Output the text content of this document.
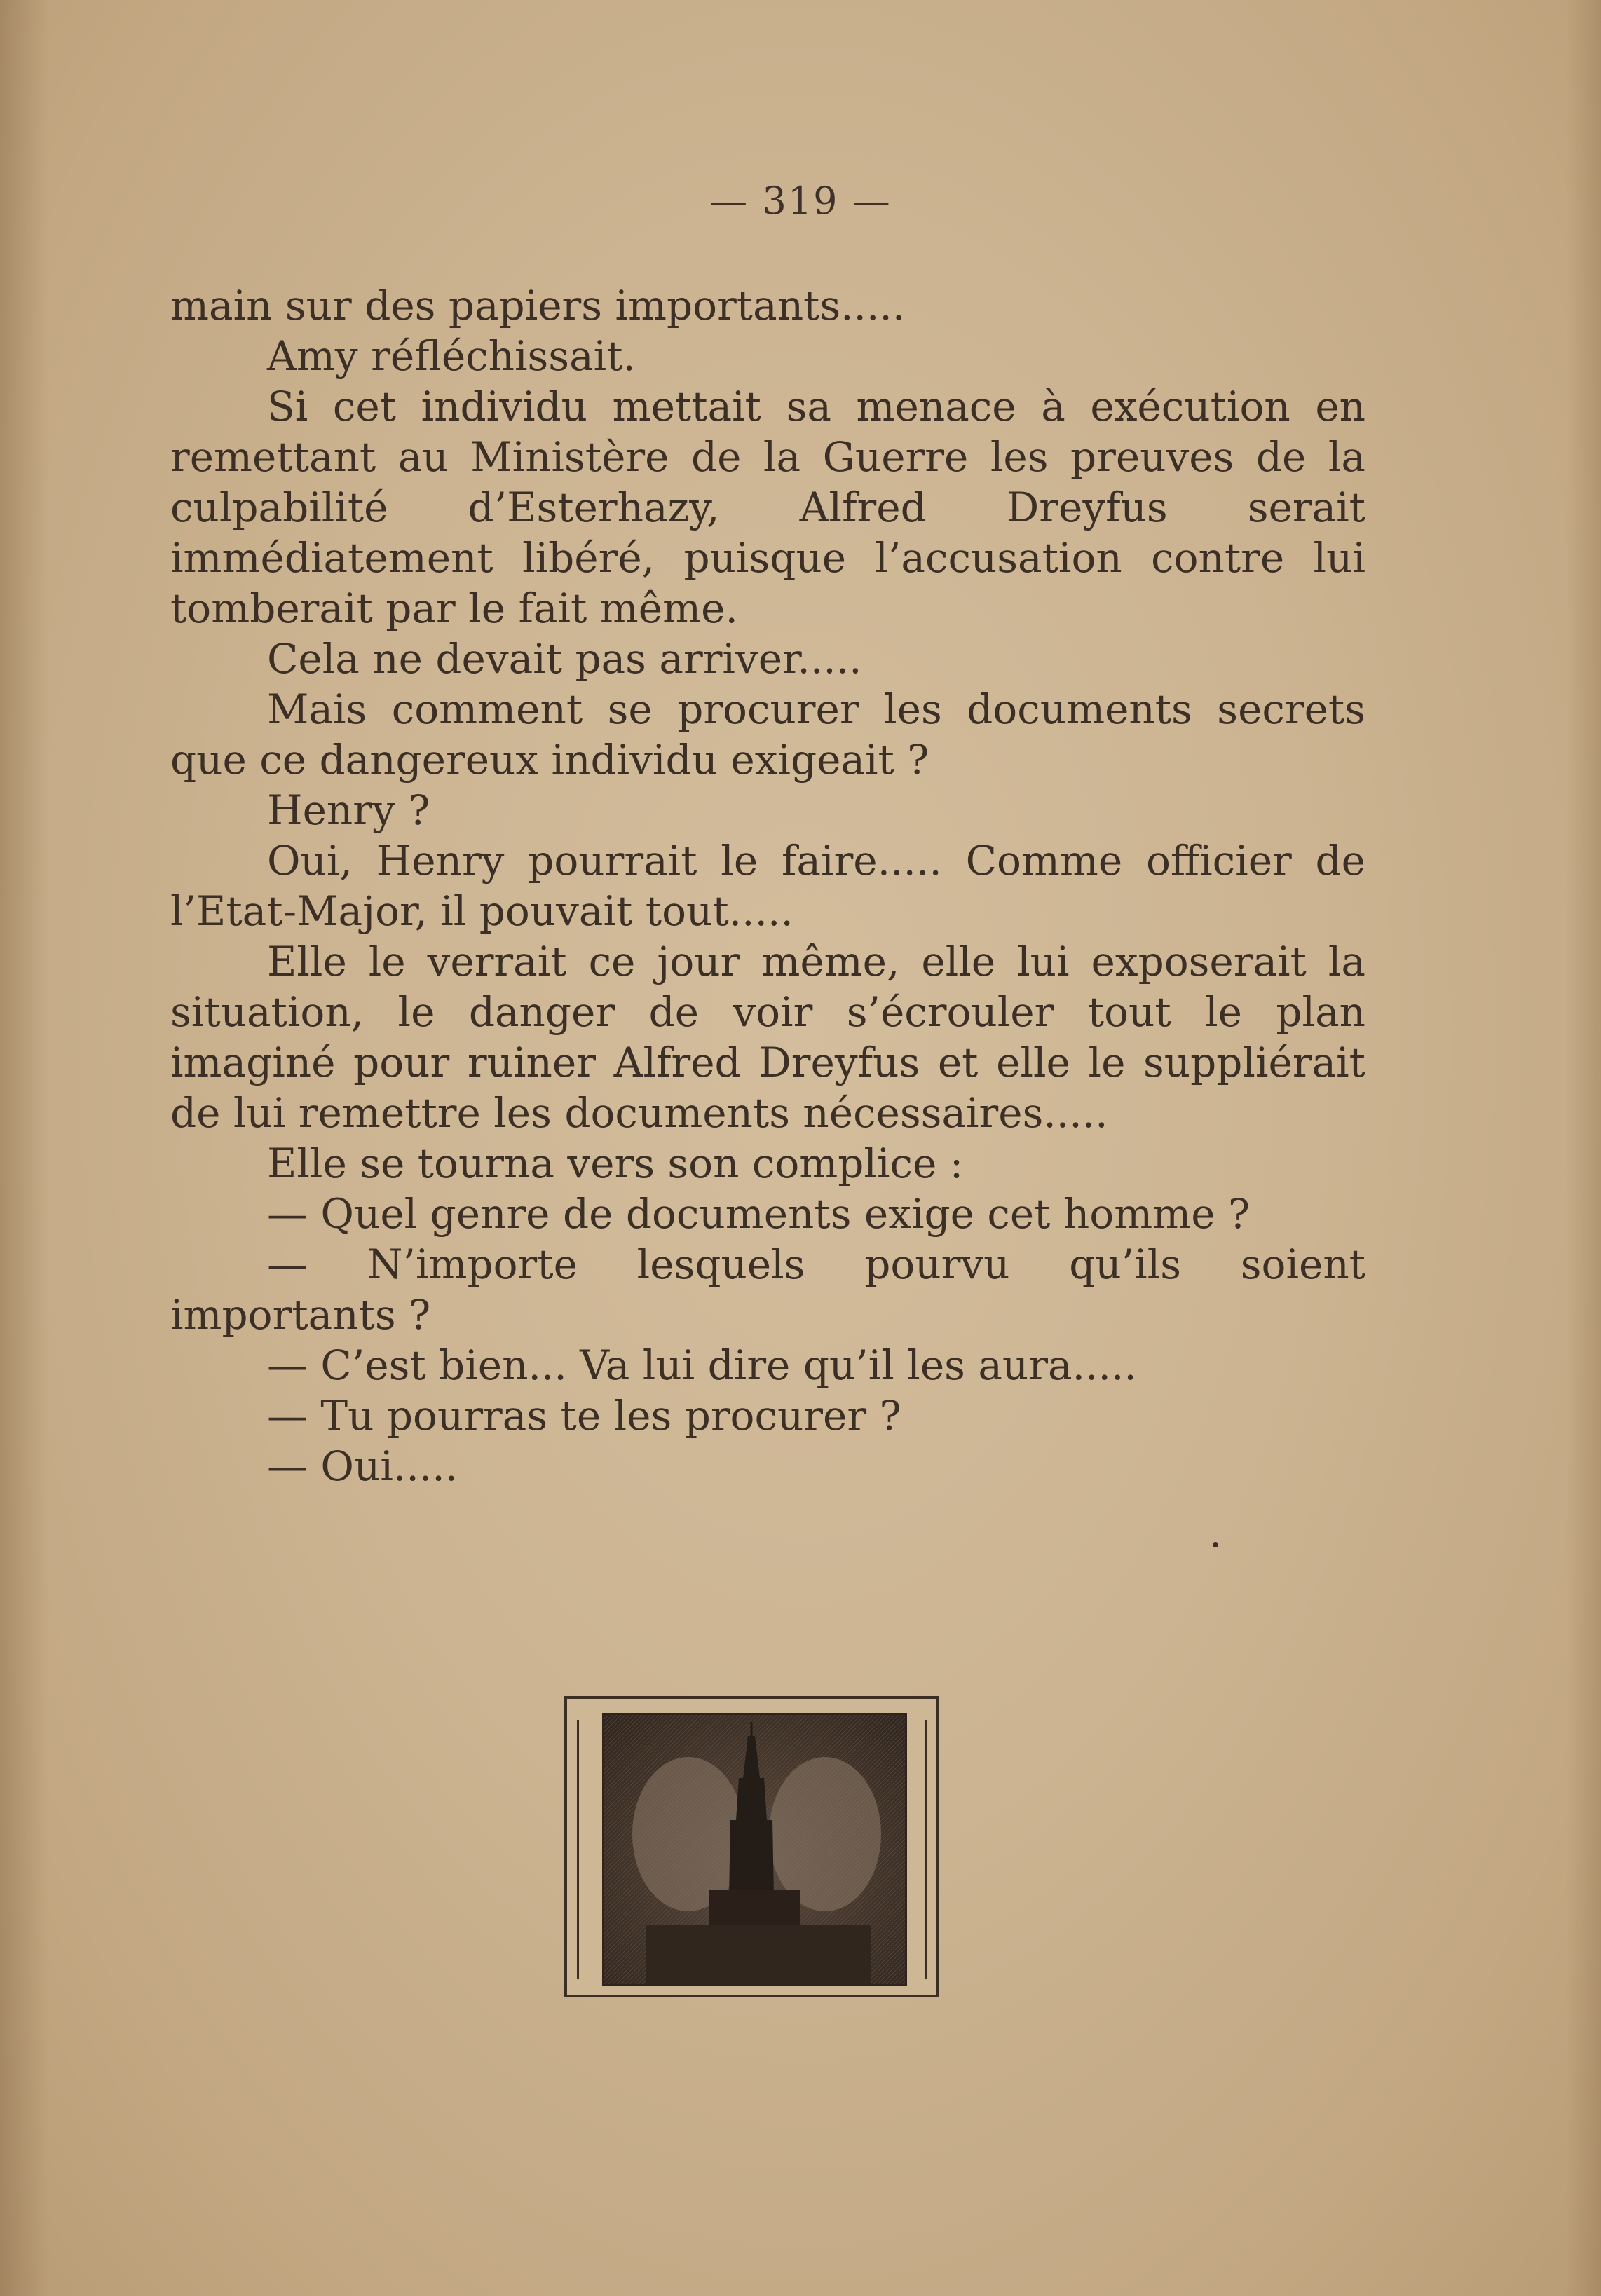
— 319 —

main sur des papiers importants.....

Amy réfléchissait.

Si cet individu mettait sa menace à exécution en remettant au Ministère de la Guerre les preuves de la culpabilité d’Esterhazy, Alfred Dreyfus serait immédiatement libéré, puisque l’accusation contre lui tomberait par le fait même.

Cela ne devait pas arriver.....

Mais comment se procurer les documents secrets que ce dangereux individu exigeait ?

Henry ?

Oui, Henry pourrait le faire..... Comme officier de l’Etat-Major, il pouvait tout.....

Elle le verrait ce jour même, elle lui exposerait la situation, le danger de voir s’écrouler tout le plan imaginé pour ruiner Alfred Dreyfus et elle le suppliérait de lui remettre les documents nécessaires.....

Elle se tourna vers son complice :

— Quel genre de documents exige cet homme ?

— N’importe lesquels pourvu qu’ils soient importants ?

— C’est bien... Va lui dire qu’il les aura.....

— Tu pourras te les procurer ?

— Oui.....
